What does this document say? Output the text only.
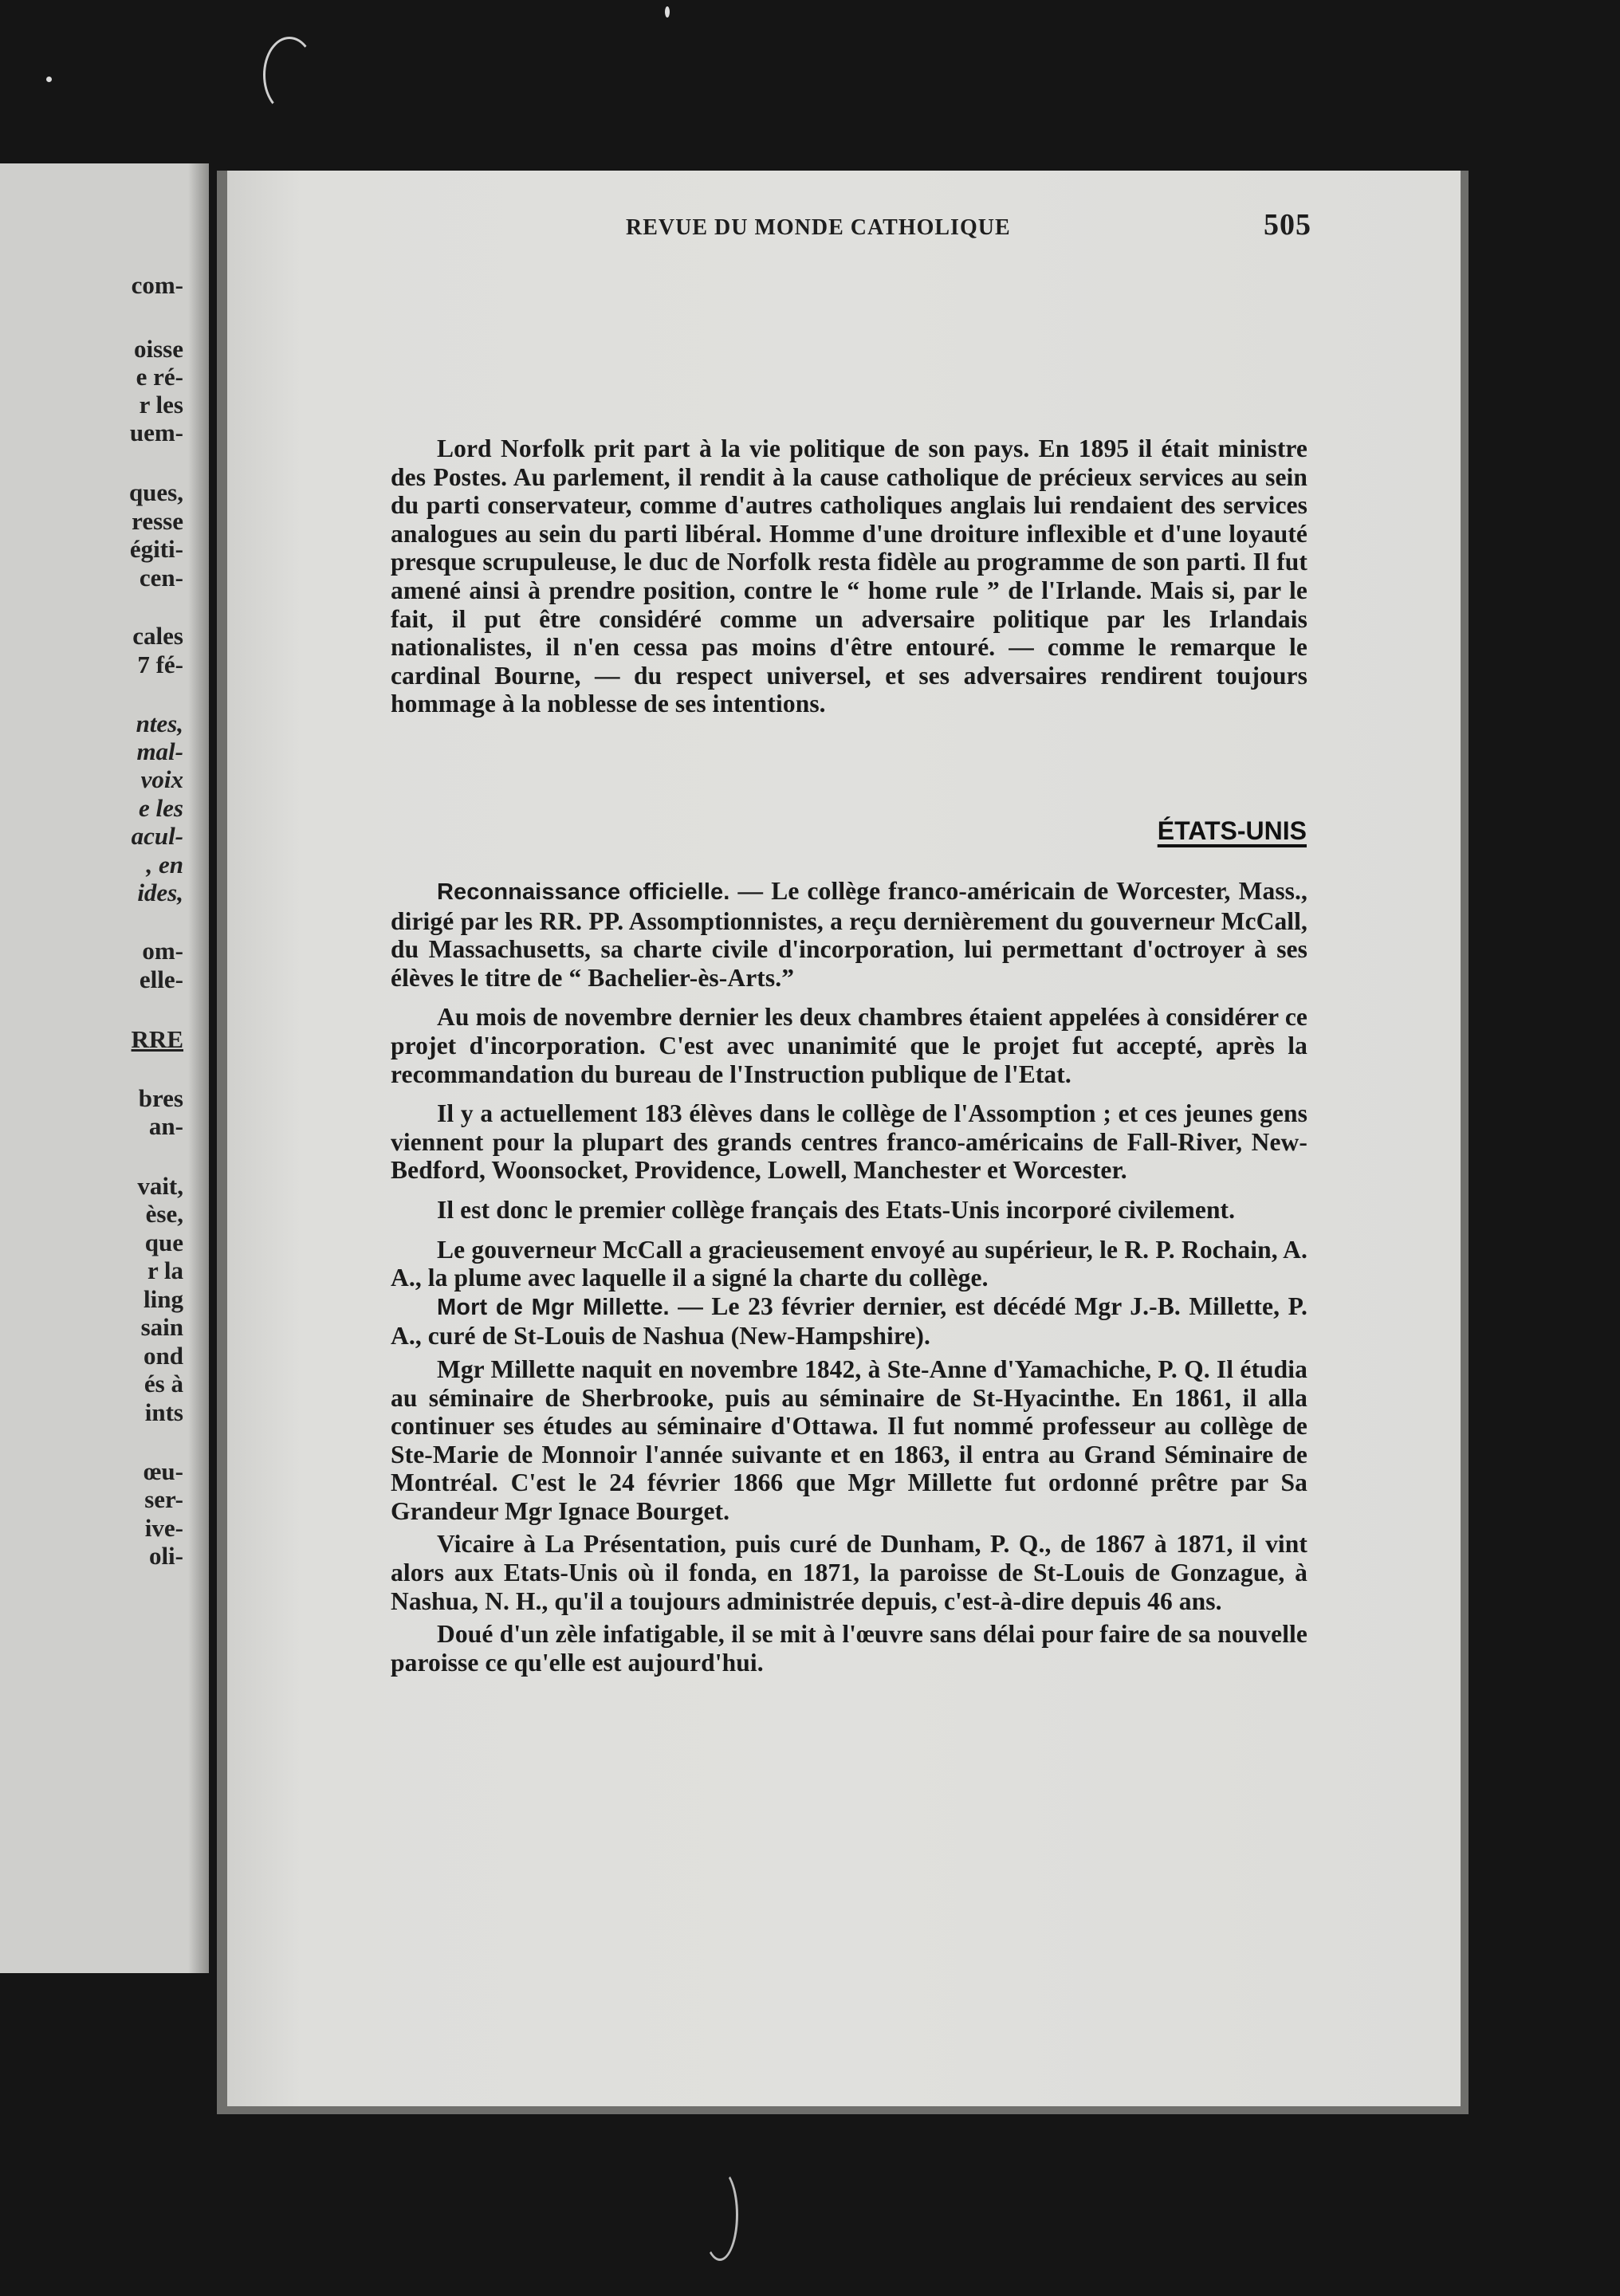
com-
oisse
e ré-
r les
uem-
ques,
resse
égiti-
cen-
cales
7 fé-
ntes,
mal-
voix
e les
acul-
, en
ides,
om-
elle-
RRE
bres
an-
vait,
èse,
que
r la
ling
sain
ond
és à
ints
œu-
ser-
ive-
oli-
REVUE DU MONDE CATHOLIQUE	505

Lord Norfolk prit part à la vie politique de son pays. En 1895 il était ministre des Postes. Au parlement, il rendit à la cause catholique de précieux services au sein du parti conservateur, comme d'autres catholiques anglais lui rendaient des services analogues au sein du parti libéral. Homme d'une droiture inflexible et d'une loyauté presque scrupuleuse, le duc de Norfolk resta fidèle au programme de son parti. Il fut amené ainsi à prendre position, contre le “ home rule ” de l'Irlande. Mais si, par le fait, il put être considéré comme un adversaire politique par les Irlandais nationalistes, il n'en cessa pas moins d'être entouré. — comme le remarque le cardinal Bourne, — du respect universel, et ses adversaires rendirent toujours hommage à la noblesse de ses intentions.

ÉTATS-UNIS

Reconnaissance officielle. — Le collège franco-américain de Worcester, Mass., dirigé par les RR. PP. Assomptionnistes, a reçu dernièrement du gouverneur McCall, du Massachusetts, sa charte civile d'incorporation, lui permettant d'octroyer à ses élèves le titre de “ Bachelier-ès-Arts.”

Au mois de novembre dernier les deux chambres étaient appelées à considérer ce projet d'incorporation. C'est avec unanimité que le projet fut accepté, après la recommandation du bureau de l'Instruction publique de l'Etat.

Il y a actuellement 183 élèves dans le collège de l'Assomption ; et ces jeunes gens viennent pour la plupart des grands centres franco-américains de Fall-River, New-Bedford, Woonsocket, Providence, Lowell, Manchester et Worcester.

Il est donc le premier collège français des Etats-Unis incorporé civilement.

Le gouverneur McCall a gracieusement envoyé au supérieur, le R. P. Rochain, A. A., la plume avec laquelle il a signé la charte du collège.

Mort de Mgr Millette. — Le 23 février dernier, est décédé Mgr J.-B. Millette, P. A., curé de St-Louis de Nashua (New-Hampshire).

Mgr Millette naquit en novembre 1842, à Ste-Anne d'Yamachiche, P. Q. Il étudia au séminaire de Sherbrooke, puis au séminaire de St-Hyacinthe. En 1861, il alla continuer ses études au séminaire d'Ottawa. Il fut nommé professeur au collège de Ste-Marie de Monnoir l'année suivante et en 1863, il entra au Grand Séminaire de Montréal. C'est le 24 février 1866 que Mgr Millette fut ordonné prêtre par Sa Grandeur Mgr Ignace Bourget.

Vicaire à La Présentation, puis curé de Dunham, P. Q., de 1867 à 1871, il vint alors aux Etats-Unis où il fonda, en 1871, la paroisse de St-Louis de Gonzague, à Nashua, N. H., qu'il a toujours administrée depuis, c'est-à-dire depuis 46 ans.

Doué d'un zèle infatigable, il se mit à l'œuvre sans délai pour faire de sa nouvelle paroisse ce qu'elle est aujourd'hui.
